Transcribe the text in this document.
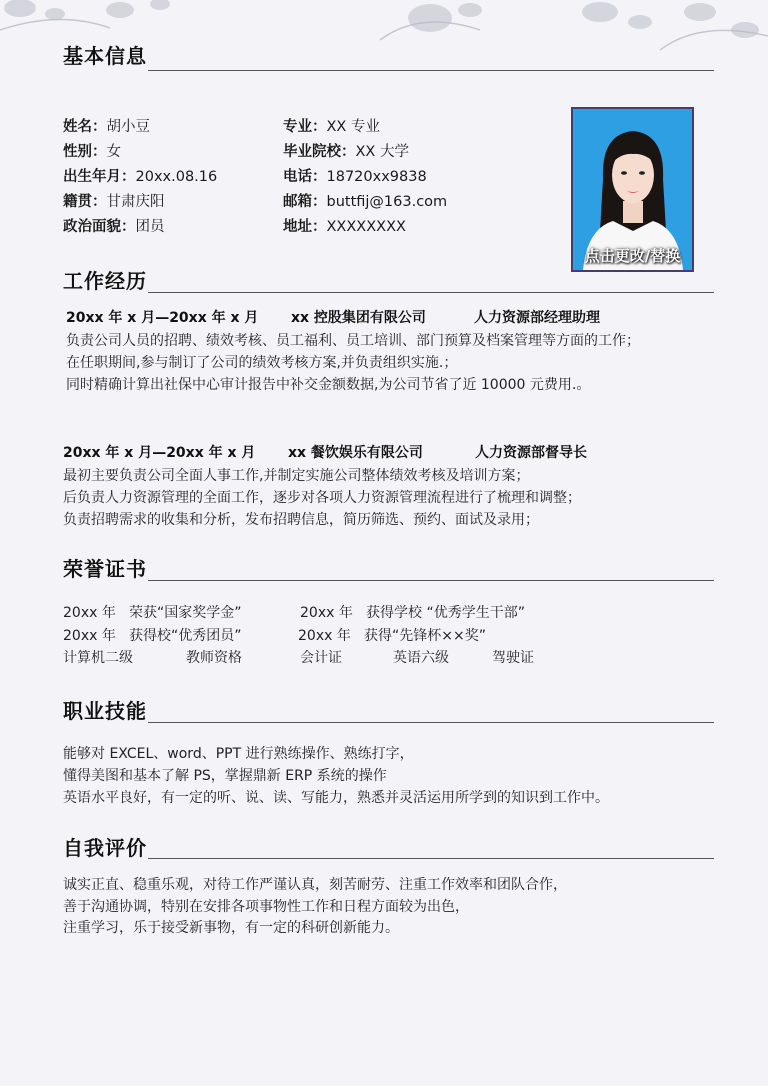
基本信息
姓名：胡小豆
性别：女
出生年月：20xx.08.16
籍贯：甘肃庆阳
政治面貌：团员
专业：XX 专业
毕业院校：XX 大学
电话：18720xx9838
邮箱：buttfij@163.com
地址：XXXXXXXX
点击更改/替换
工作经历
20xx 年 x 月—20xx 年 x 月 xx 控股集团有限公司	人力资源部经理助理
负责公司人员的招聘、绩效考核、员工福利、员工培训、部门预算及档案管理等方面的工作；
在任职期间,参与制订了公司的绩效考核方案,并负责组织实施.；
同时精确计算出社保中心审计报告中补交金额数据,为公司节省了近 10000 元费用.。
20xx 年 x 月—20xx 年 x 月 xx 餐饮娱乐有限公司	人力资源部督导长
最初主要负责公司全面人事工作,并制定实施公司整体绩效考核及培训方案；
后负责人力资源管理的全面工作，逐步对各项人力资源管理流程进行了梳理和调整；
负责招聘需求的收集和分析，发布招聘信息，简历筛选、预约、面试及录用；
荣誉证书
20xx 年 荣获“国家奖学金”	20xx 年 获得学校 “优秀学生干部”
20xx 年 获得校“优秀团员”	20xx 年 获得“先锋杯××奖”
计算机二级	教师资格	会计证	英语六级	驾驶证
职业技能
能够对 EXCEL、word、PPT 进行熟练操作、熟练打字，
懂得美图和基本了解 PS，掌握鼎新 ERP 系统的操作
英语水平良好，有一定的听、说、读、写能力，熟悉并灵活运用所学到的知识到工作中。
自我评价
诚实正直、稳重乐观，对待工作严谨认真，刻苦耐劳、注重工作效率和团队合作，
善于沟通协调，特别在安排各项事物性工作和日程方面较为出色，
注重学习，乐于接受新事物，有一定的科研创新能力。
